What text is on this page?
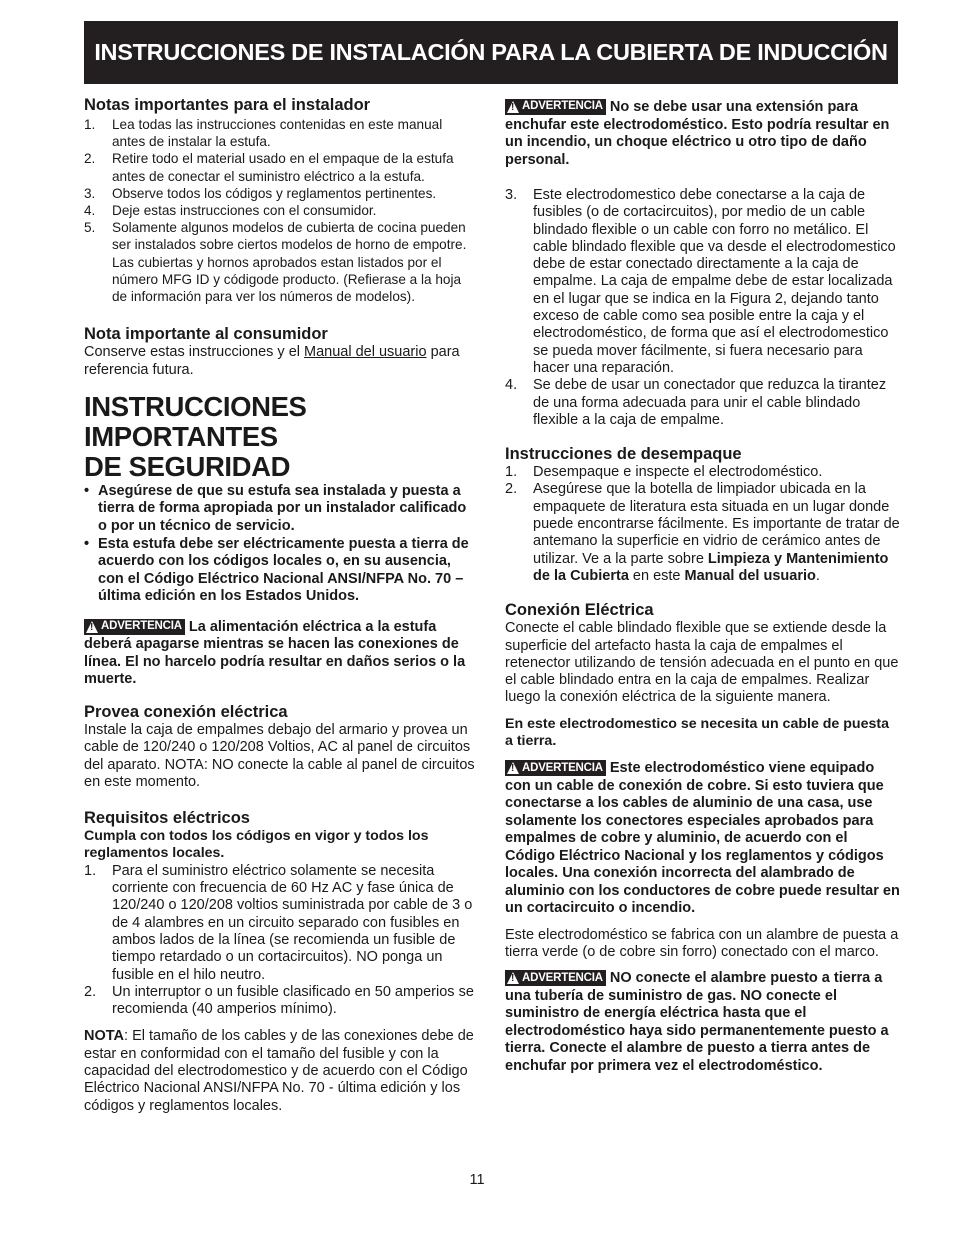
INSTRUCCIONES DE INSTALACIÓN PARA LA CUBIERTA DE INDUCCIÓN
Notas importantes para el instalador
1. Lea todas las instrucciones contenidas en este manual antes de instalar la estufa.
2. Retire todo el material usado en el empaque de la estufa antes de conectar el suministro eléctrico a la estufa.
3. Observe todos los códigos y reglamentos pertinentes.
4. Deje estas instrucciones con el consumidor.
5. Solamente algunos modelos de cubierta de cocina pueden ser instalados sobre ciertos modelos de horno de empotre. Las cubiertas y hornos aprobados estan listados por el número MFG ID y códigode producto. (Refierase a la hoja de información para ver los números de modelos).
Nota importante al consumidor

Conserve estas instrucciones y el Manual del usuario para referencia futura.

INSTRUCCIONES IMPORTANTES
DE SEGURIDAD
• Asegúrese de que su estufa sea instalada y puesta a tierra de forma apropiada por un instalador calificado o por un técnico de servicio.
• Esta estufa debe ser eléctricamente puesta a tierra de acuerdo con los códigos locales o, en su ausencia, con el Código Eléctrico Nacional ANSI/NFPA No. 70 – última edición en los Estados Unidos.

!
ADVERTENCIA La alimentación eléctrica a la estufa deberá apagarse mientras se hacen las conexiones de línea. El no harcelo podría resultar en daños serios o la muerte.

Provea conexión eléctrica

Instale la caja de empalmes debajo del armario y provea un cable de 120/240 o 120/208 Voltios, AC al panel de circuitos del aparato. NOTA: NO conecte la cable al panel de circuitos en este momento.

Requisitos eléctricos

Cumpla con todos los códigos en vigor y todos los reglamentos locales.

1. Para el suministro eléctrico solamente se necesita corriente con frecuencia de 60 Hz AC y fase única de 120/240 o 120/208 voltios suministrada por cable de 3 o de 4 alambres en un circuito separado con fusibles en ambos lados de la línea (se recomienda un fusible de tiempo retardado o un cortacircuitos). NO ponga un fusible en el hilo neutro.
2. Un interruptor o un fusible clasificado en 50 amperios se recomienda (40 amperios mínimo).

NOTA: El tamaño de los cables y de las conexiones debe de estar en conformidad con el tamaño del fusible y con la capacidad del electrodomestico y de acuerdo con el Código Eléctrico Nacional ANSI/NFPA No. 70 - última edición y los códigos y reglamentos locales.

!
ADVERTENCIA No se debe usar una extensión para enchufar este electrodoméstico. Esto podría resultar en un incendio, un choque eléctrico u otro tipo de daño personal.

3. Este electrodomestico debe conectarse a la caja de fusibles (o de cortacircuitos), por medio de un cable blindado flexible o un cable con forro no metálico. El cable blindado flexible que va desde el electrodomestico debe de estar conectado directamente a la caja de empalme. La caja de empalme debe de estar localizada en el lugar que se indica en la Figura 2, dejando tanto exceso de cable como sea posible entre la caja y el electrodoméstico, de forma que así el electrodomestico se pueda mover fácilmente, si fuera necesario para hacer una reparación.
4. Se debe de usar un conectador que reduzca la tirantez de una forma adecuada para unir el cable blindado flexible a la caja de empalme.
Instrucciones de desempaque
1. Desempaque e inspecte el electrodoméstico.
2. Asegúrese que la botella de limpiador ubicada en la empaquete de literatura esta situada en un lugar donde puede encontrarse fácilmente. Es importante de tratar de antemano la superficie en vidrio de cerámico antes de utilizar. Ve a la parte sobre Limpieza y Mantenimiento de la Cubierta en este Manual del usuario.
Conexión Eléctrica

Conecte el cable blindado flexible que se extiende desde la superficie del artefacto hasta la caja de empalmes el retenector utilizando de tensión adecuada en el punto en que el cable blindado entra en la caja de empalmes. Realizar luego la conexión eléctrica de la siguiente manera.

En este electrodomestico se necesita un cable de puesta a tierra.

!
ADVERTENCIA Este electrodoméstico viene equipado con un cable de conexión de cobre. Si esto tuviera que conectarse a los cables de aluminio de una casa, use solamente los conectores especiales aprobados para empalmes de cobre y aluminio, de acuerdo con el Código Eléctrico Nacional y los reglamentos y códigos locales. Una conexión incorrecta del alambrado de aluminio con los conductores de cobre puede resultar en un cortacircuito o incendio.

Este electrodoméstico se fabrica con un alambre de puesta a tierra verde (o de cobre sin forro) conectado con el marco.

!
ADVERTENCIA NO conecte el alambre puesto a tierra a una tubería de suministro de gas. NO conecte el suministro de energía eléctrica hasta que el electrodoméstico haya sido permanentemente puesto a tierra. Conecte el alambre de puesto a tierra antes de enchufar por primera vez el electrodoméstico.

11
